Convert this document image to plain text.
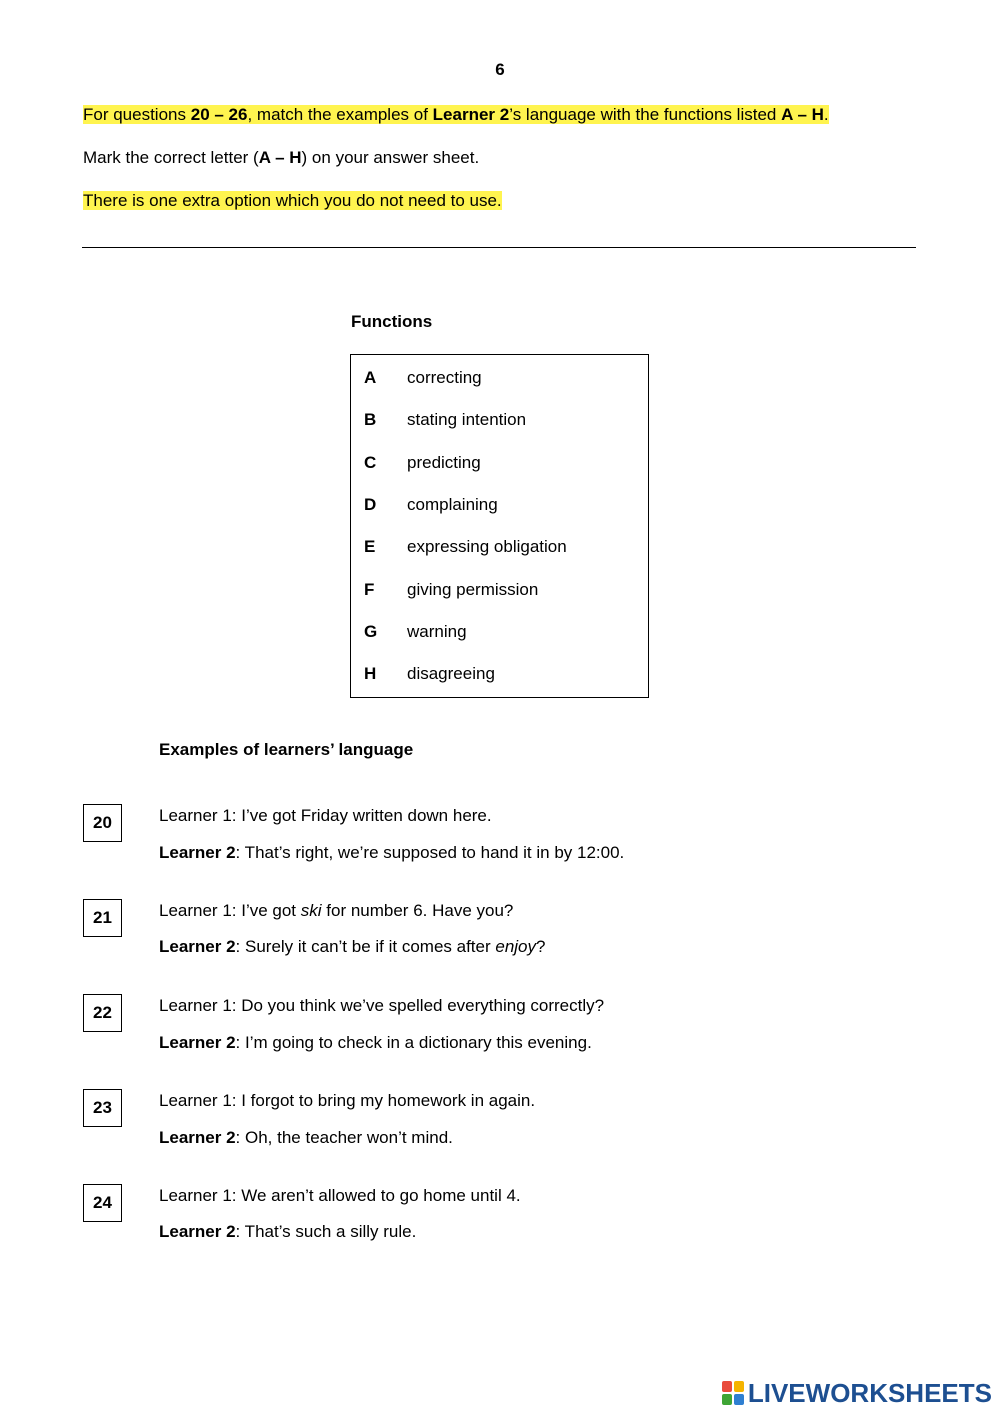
6
For questions 20 – 26, match the examples of Learner 2’s language with the functions listed A – H.
Mark the correct letter (A – H) on your answer sheet.
There is one extra option which you do not need to use.
Functions
A correcting
B stating intention
C predicting
D complaining
E expressing obligation
F giving permission
G warning
H disagreeing
Examples of learners’ language
20	Learner 1: I’ve got Friday written down here.
Learner 2: That’s right, we’re supposed to hand it in by 12:00.
21	Learner 1: I’ve got ski for number 6. Have you?
Learner 2: Surely it can’t be if it comes after enjoy?
22	Learner 1: Do you think we’ve spelled everything correctly?
Learner 2: I’m going to check in a dictionary this evening.
23	Learner 1: I forgot to bring my homework in again.
Learner 2: Oh, the teacher won’t mind.
24	Learner 1: We aren’t allowed to go home until 4.
Learner 2: That’s such a silly rule.
LIVEWORKSHEETS
